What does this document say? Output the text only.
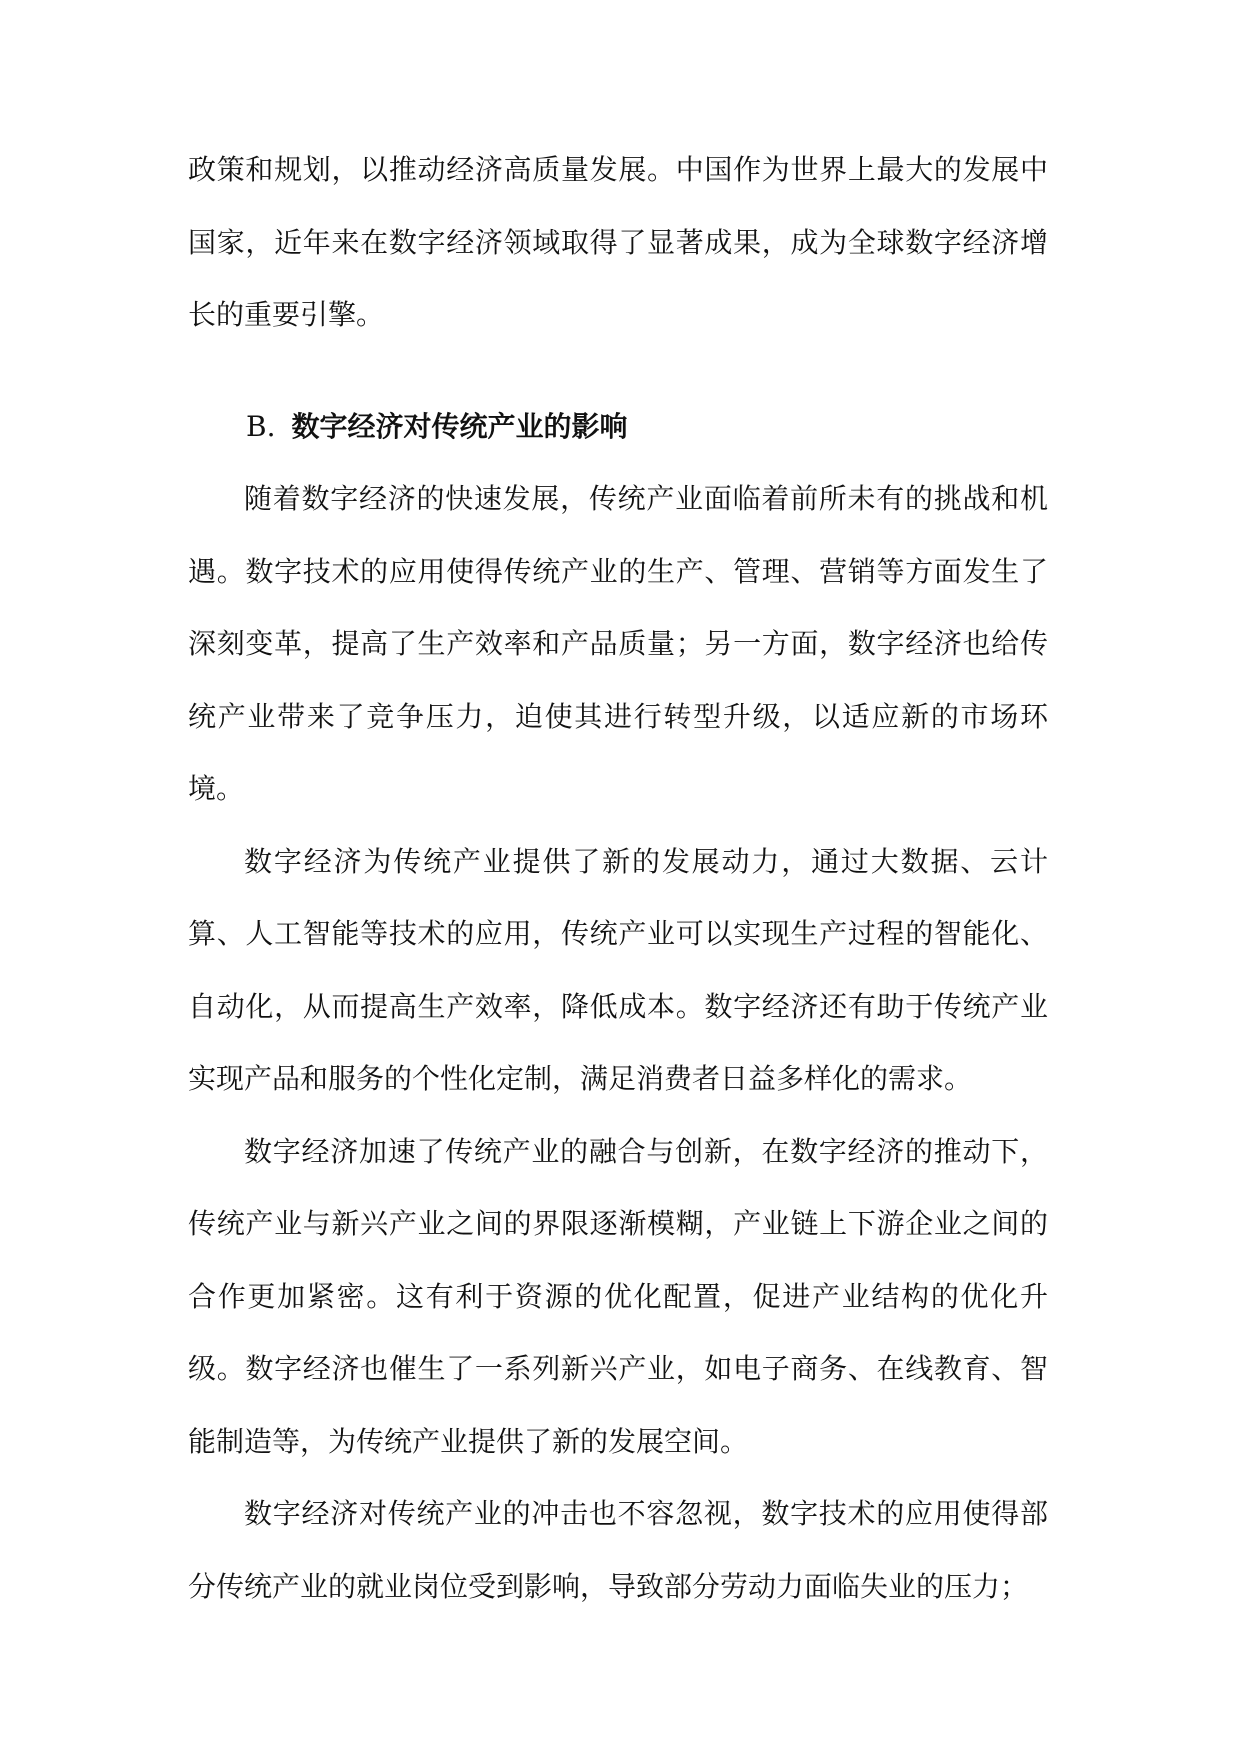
政策和规划，以推动经济高质量发展。中国作为世界上最大的发展中国家，近年来在数字经济领域取得了显著成果，成为全球数字经济增长的重要引擎。

B. 数字经济对传统产业的影响

随着数字经济的快速发展，传统产业面临着前所未有的挑战和机遇。数字技术的应用使得传统产业的生产、管理、营销等方面发生了深刻变革，提高了生产效率和产品质量；另一方面，数字经济也给传统产业带来了竞争压力，迫使其进行转型升级，以适应新的市场环境。

数字经济为传统产业提供了新的发展动力，通过大数据、云计算、人工智能等技术的应用，传统产业可以实现生产过程的智能化、自动化，从而提高生产效率，降低成本。数字经济还有助于传统产业实现产品和服务的个性化定制，满足消费者日益多样化的需求。

数字经济加速了传统产业的融合与创新，在数字经济的推动下，传统产业与新兴产业之间的界限逐渐模糊，产业链上下游企业之间的合作更加紧密。这有利于资源的优化配置，促进产业结构的优化升级。数字经济也催生了一系列新兴产业，如电子商务、在线教育、智能制造等，为传统产业提供了新的发展空间。

数字经济对传统产业的冲击也不容忽视，数字技术的应用使得部分传统产业的就业岗位受到影响，导致部分劳动力面临失业的压力；
